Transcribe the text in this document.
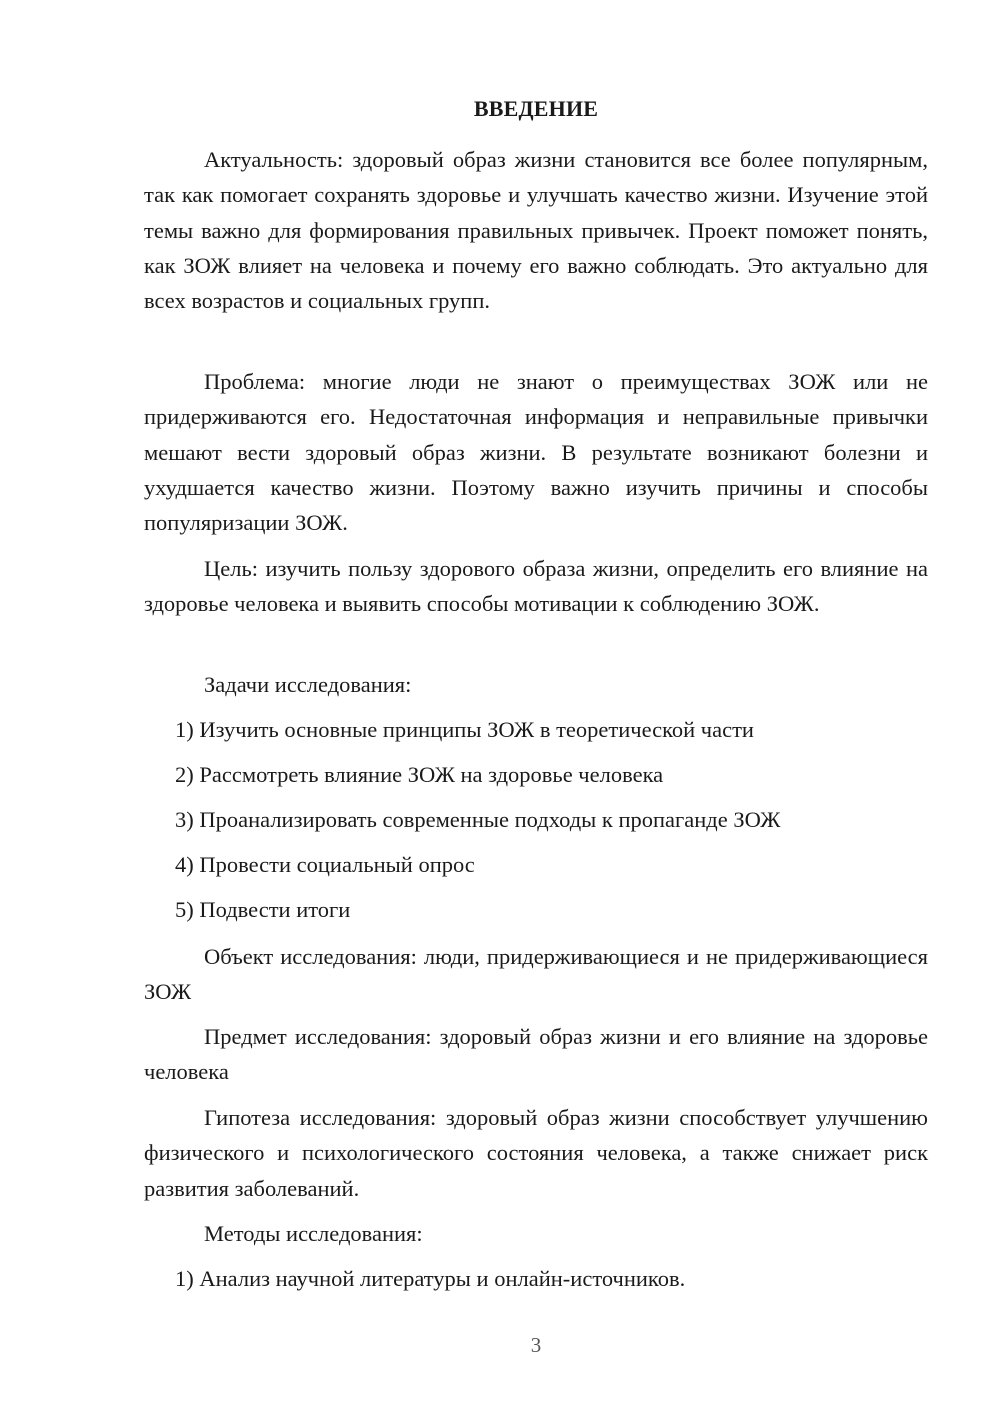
ВВЕДЕНИЕ

Актуальность: здоровый образ жизни становится все более популярным, так как помогает сохранять здоровье и улучшать качество жизни. Изучение этой темы важно для формирования правильных привычек. Проект поможет понять, как ЗОЖ влияет на человека и почему его важно соблюдать. Это актуально для всех возрастов и социальных групп.

Проблема: многие люди не знают о преимуществах ЗОЖ или не придерживаются его. Недостаточная информация и неправильные привычки мешают вести здоровый образ жизни. В результате возникают болезни и ухудшается качество жизни. Поэтому важно изучить причины и способы популяризации ЗОЖ.

Цель: изучить пользу здорового образа жизни, определить его влияние на здоровье человека и выявить способы мотивации к соблюдению ЗОЖ.

Задачи исследования:

1) Изучить основные принципы ЗОЖ в теоретической части

2) Рассмотреть влияние ЗОЖ на здоровье человека

3) Проанализировать современные подходы к пропаганде ЗОЖ

4) Провести социальный опрос

5) Подвести итоги

Объект исследования: люди, придерживающиеся и не придерживающиеся ЗОЖ

Предмет исследования: здоровый образ жизни и его влияние на здоровье человека

Гипотеза исследования: здоровый образ жизни способствует улучшению физического и психологического состояния человека, а также снижает риск развития заболеваний.

Методы исследования:

1) Анализ научной литературы и онлайн-источников.

3
